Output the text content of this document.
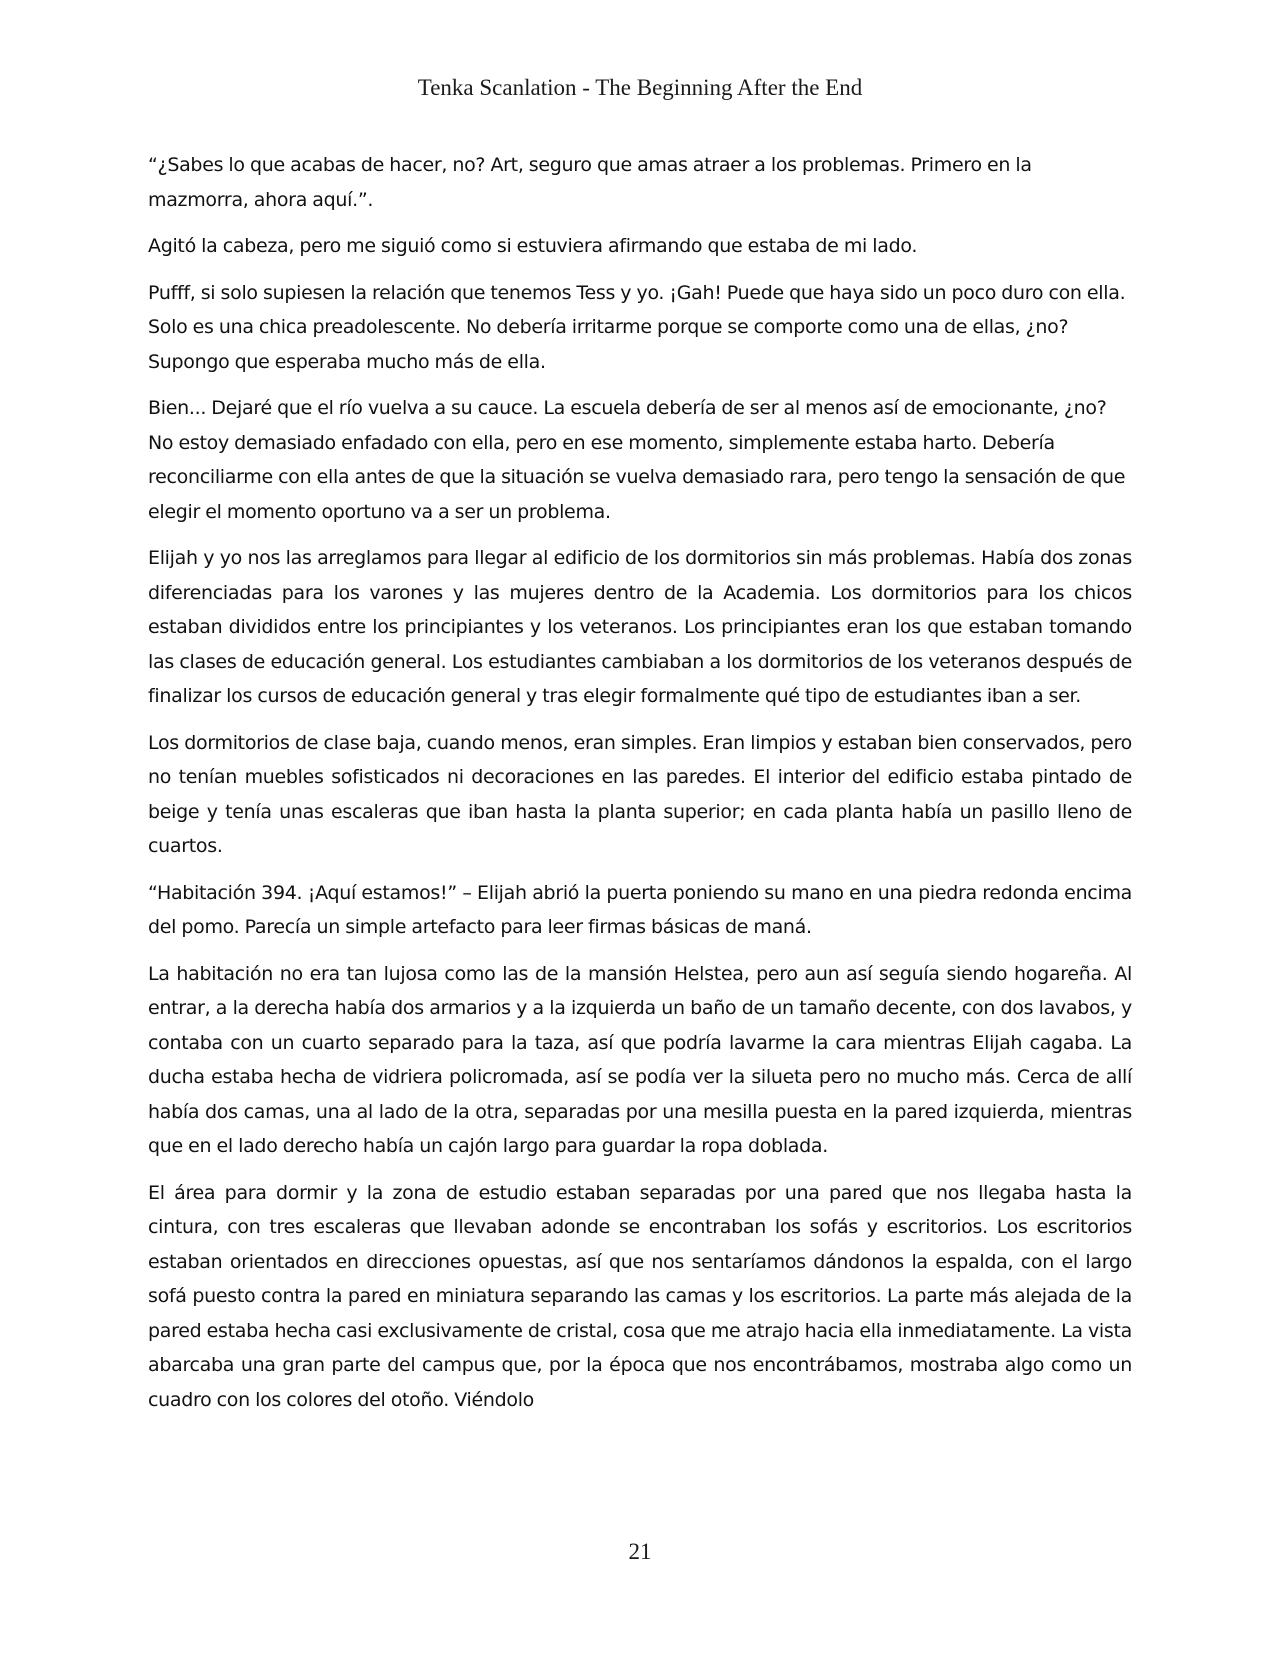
Tenka Scanlation - The Beginning After the End

“¿Sabes lo que acabas de hacer, no? Art, seguro que amas atraer a los problemas. Primero en la mazmorra, ahora aquí.”.

Agitó la cabeza, pero me siguió como si estuviera afirmando que estaba de mi lado.

Pufff, si solo supiesen la relación que tenemos Tess y yo. ¡Gah! Puede que haya sido un poco duro con ella. Solo es una chica preadolescente. No debería irritarme porque se comporte como una de ellas, ¿no? Supongo que esperaba mucho más de ella.

Bien... Dejaré que el río vuelva a su cauce. La escuela debería de ser al menos así de emocionante, ¿no? No estoy demasiado enfadado con ella, pero en ese momento, simplemente estaba harto. Debería reconciliarme con ella antes de que la situación se vuelva demasiado rara, pero tengo la sensación de que elegir el momento oportuno va a ser un problema.

Elijah y yo nos las arreglamos para llegar al edificio de los dormitorios sin más problemas. Había dos zonas diferenciadas para los varones y las mujeres dentro de la Academia. Los dormitorios para los chicos estaban divididos entre los principiantes y los veteranos. Los principiantes eran los que estaban tomando las clases de educación general. Los estudiantes cambiaban a los dormitorios de los veteranos después de finalizar los cursos de educación general y tras elegir formalmente qué tipo de estudiantes iban a ser.

Los dormitorios de clase baja, cuando menos, eran simples. Eran limpios y estaban bien conservados, pero no tenían muebles sofisticados ni decoraciones en las paredes. El interior del edificio estaba pintado de beige y tenía unas escaleras que iban hasta la planta superior; en cada planta había un pasillo lleno de cuartos.

“Habitación 394. ¡Aquí estamos!” – Elijah abrió la puerta poniendo su mano en una piedra redonda encima del pomo. Parecía un simple artefacto para leer firmas básicas de maná.

La habitación no era tan lujosa como las de la mansión Helstea, pero aun así seguía siendo hogareña. Al entrar, a la derecha había dos armarios y a la izquierda un baño de un tamaño decente, con dos lavabos, y contaba con un cuarto separado para la taza, así que podría lavarme la cara mientras Elijah cagaba. La ducha estaba hecha de vidriera policromada, así se podía ver la silueta pero no mucho más. Cerca de allí había dos camas, una al lado de la otra, separadas por una mesilla puesta en la pared izquierda, mientras que en el lado derecho había un cajón largo para guardar la ropa doblada.

El área para dormir y la zona de estudio estaban separadas por una pared que nos llegaba hasta la cintura, con tres escaleras que llevaban adonde se encontraban los sofás y escritorios. Los escritorios estaban orientados en direcciones opuestas, así que nos sentaríamos dándonos la espalda, con el largo sofá puesto contra la pared en miniatura separando las camas y los escritorios. La parte más alejada de la pared estaba hecha casi exclusivamente de cristal, cosa que me atrajo hacia ella inmediatamente. La vista abarcaba una gran parte del campus que, por la época que nos encontrábamos, mostraba algo como un cuadro con los colores del otoño. Viéndolo

21
